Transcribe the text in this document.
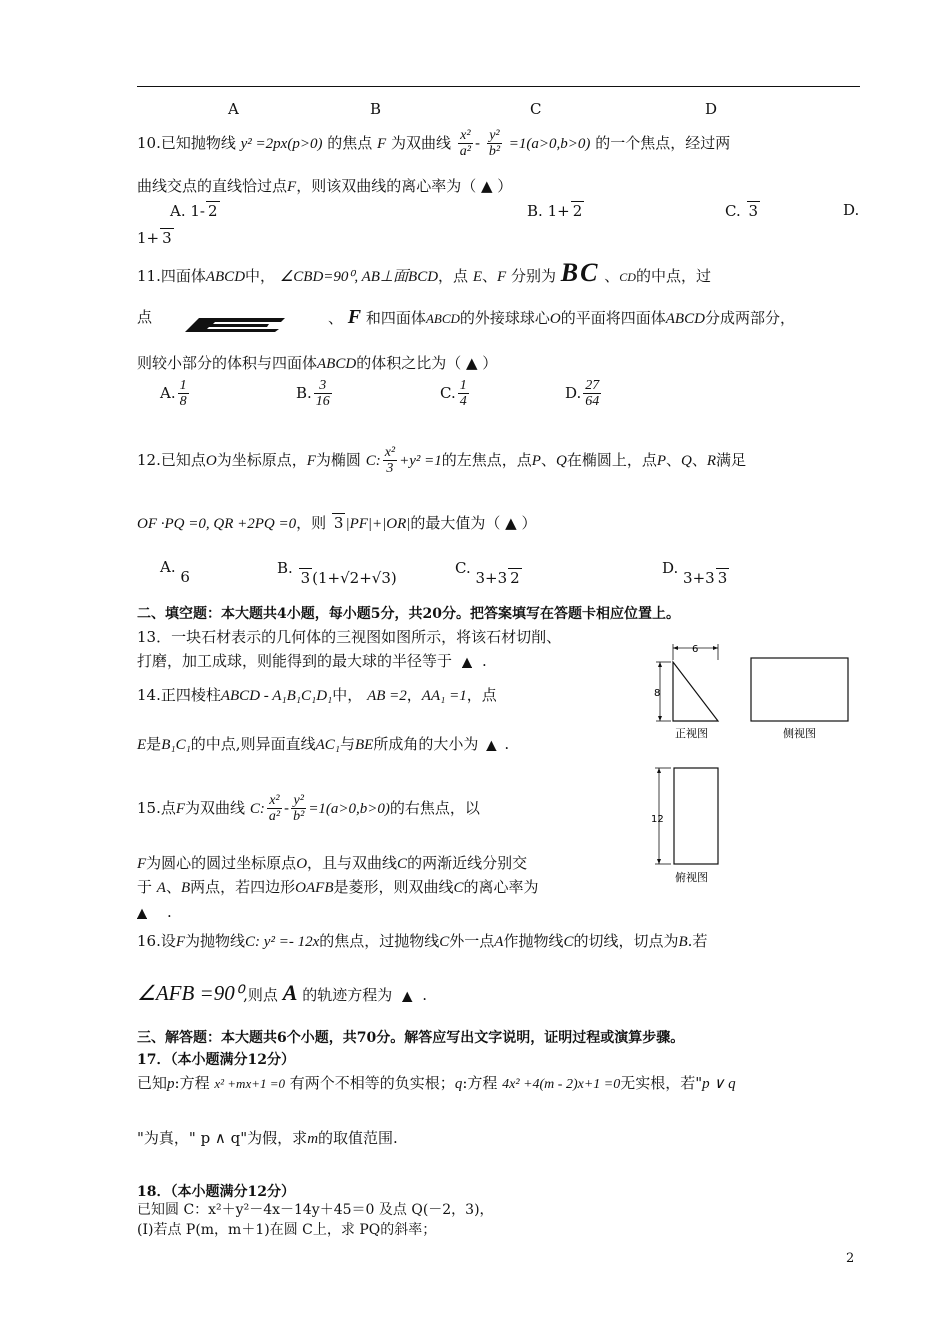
A	B	C	D
10.已知抛物线 y² =2px(p>0) 的焦点 F 为双曲线 $\frac{\text{x²}}{\text{a²}} - \frac{\text{y²}}{\text{b²}} =1(a>0,b>0)$ 的一个焦点，经过两
曲线交点的直线恰过点F，则该双曲线的离心率为（ ▲ ）
A. 1- 2	B. 1+ 2	C. 3	D.
1+ 3
11.四面体ABCD中， ∠CBD=90⁰, AB⊥面BCD，点 E、F 分别为 BC 、CD的中点，过
点	、 F 和四面体ABCD的外接球球心O的平面将四面体ABCD分成两部分，
则较小部分的体积与四面体ABCD的体积之比为（ ▲ ）
A. $\frac{1}{8}$	B. $\frac{3}{16}$	C. $\frac{1}{4}$	D. $\frac{27}{64}$
12.已知点O为坐标原点，F为椭圆 C: $\frac{\text{x²}}{3} +y^2 =1$的左焦点，点P、Q在椭圆上，点P、Q、R满足
OF ·PQ =0, QR +2PQ =0，则 3 |PF|+|OR|的最大值为（ ▲ ）
A. 6	B. 3 (1+√2+√3)
C. 3+3 2
D. 3+3 3
二、填空题：本大题共4小题，每小题5分，共20分。把答案填写在答题卡相应位置上。
13．一块石材表示的几何体的三视图如图所示，将该石材切削、
打磨，加工成球，则能得到的最大球的半径等于 ▲ .
14.正四棱柱ABCD - A₁B₁C₁D₁中， AB =2，AA₁ =1，点
E是B₁C₁的中点,则异面直线AC₁与BE所成角的大小为 ▲ .
15.点F为双曲线 C: $\frac{\text{x²}}{\text{a²}} - \frac{\text{y²}}{\text{b²}} =1(a>0,b>0)$的右焦点，以
F为圆心的圆过坐标原点O，且与双曲线C的两渐近线分别交
于 A、B两点，若四边形OAFB是菱形，则双曲线C的离心率为
▲ .
16.设F为抛物线C: y² =- 12x的焦点，过抛物线C外一点A作抛物线C的切线，切点为B.若
∠AFB =90⁰,则点 A 的轨迹方程为 ▲ .
三、解答题：本大题共6个小题，共70分。解答应写出文字说明，证明过程或演算步骤。
17．（本小题满分12分）
已知p:方程 x² +mx+1 =0 有两个不相等的负实根；q:方程 4x² +4(m - 2)x+1 =0无实根，若"p ∨ q
"为真，" p ∧ q"为假，求m的取值范围.
18．（本小题满分12分）
已知圆 C：x²＋y²－4x－14y＋45＝0 及点 Q(－2，3)，
(Ⅰ)若点 P(m，m＋1)在圆 C上，求 PQ的斜率；
6
8
正视图	侧视图
12
俯视图
2
